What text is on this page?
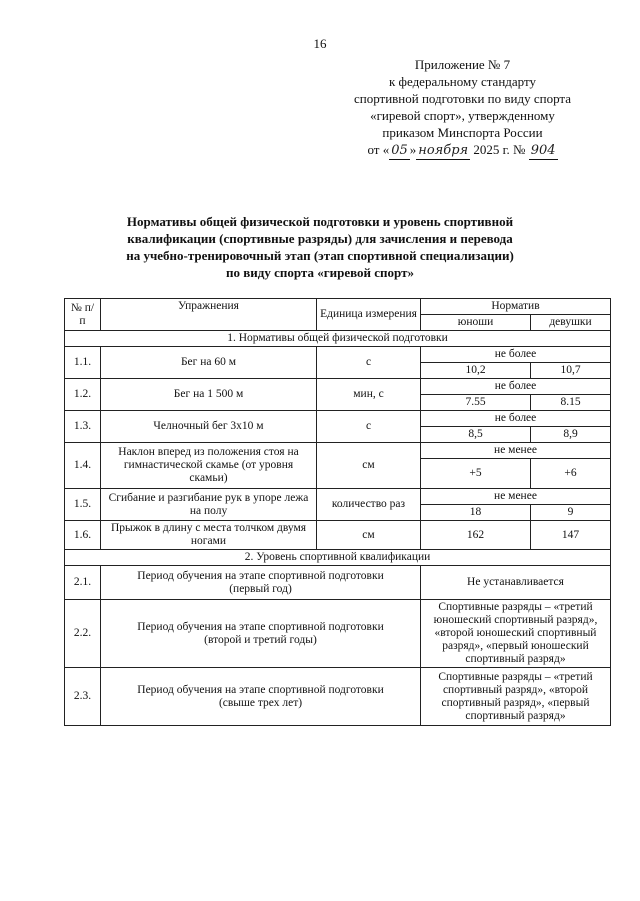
16
Приложение № 7
к федеральному стандарту
спортивной подготовки по виду спорта
«гиревой спорт», утвержденному
приказом Минспорта России
от « 05 » ноября 2025 г. № 904
Нормативы общей физической подготовки и уровень спортивной
квалификации (спортивные разряды) для зачисления и перевода
на учебно-тренировочный этап (этап спортивной специализации)
по виду спорта «гиревой спорт»
№ п/п	Упражнения	Единица измерения	Норматив	
			юноши	девушки
1. Нормативы общей физической подготовки				
1.1.	Бег на 60 м	с	не более	
			10,2	10,7
1.2.	Бег на 1 500 м	мин, с	не более	
			7.55	8.15
1.3.	Челночный бег 3х10 м	с	не более	
			8,5	8,9
1.4.	Наклон вперед из положения стоя на гимнастической скамье (от уровня скамьи)	см	не менее	
			+5	+6
1.5.	Сгибание и разгибание рук в упоре лежа на полу	количество раз	не менее	
			18	9
1.6.	Прыжок в длину с места толчком двумя ногами	см	162	147
2. Уровень спортивной квалификации				
2.1.	Период обучения на этапе спортивной подготовки (первый год)		Не устанавливается	
2.2.	Период обучения на этапе спортивной подготовки (второй и третий годы)		Спортивные разряды – «третий юношеский спортивный разряд», «второй юношеский спортивный разряд», «первый юношеский спортивный разряд»	
2.3.	Период обучения на этапе спортивной подготовки (свыше трех лет)		Спортивные разряды – «третий спортивный разряд», «второй спортивный разряд», «первый спортивный разряд»	
